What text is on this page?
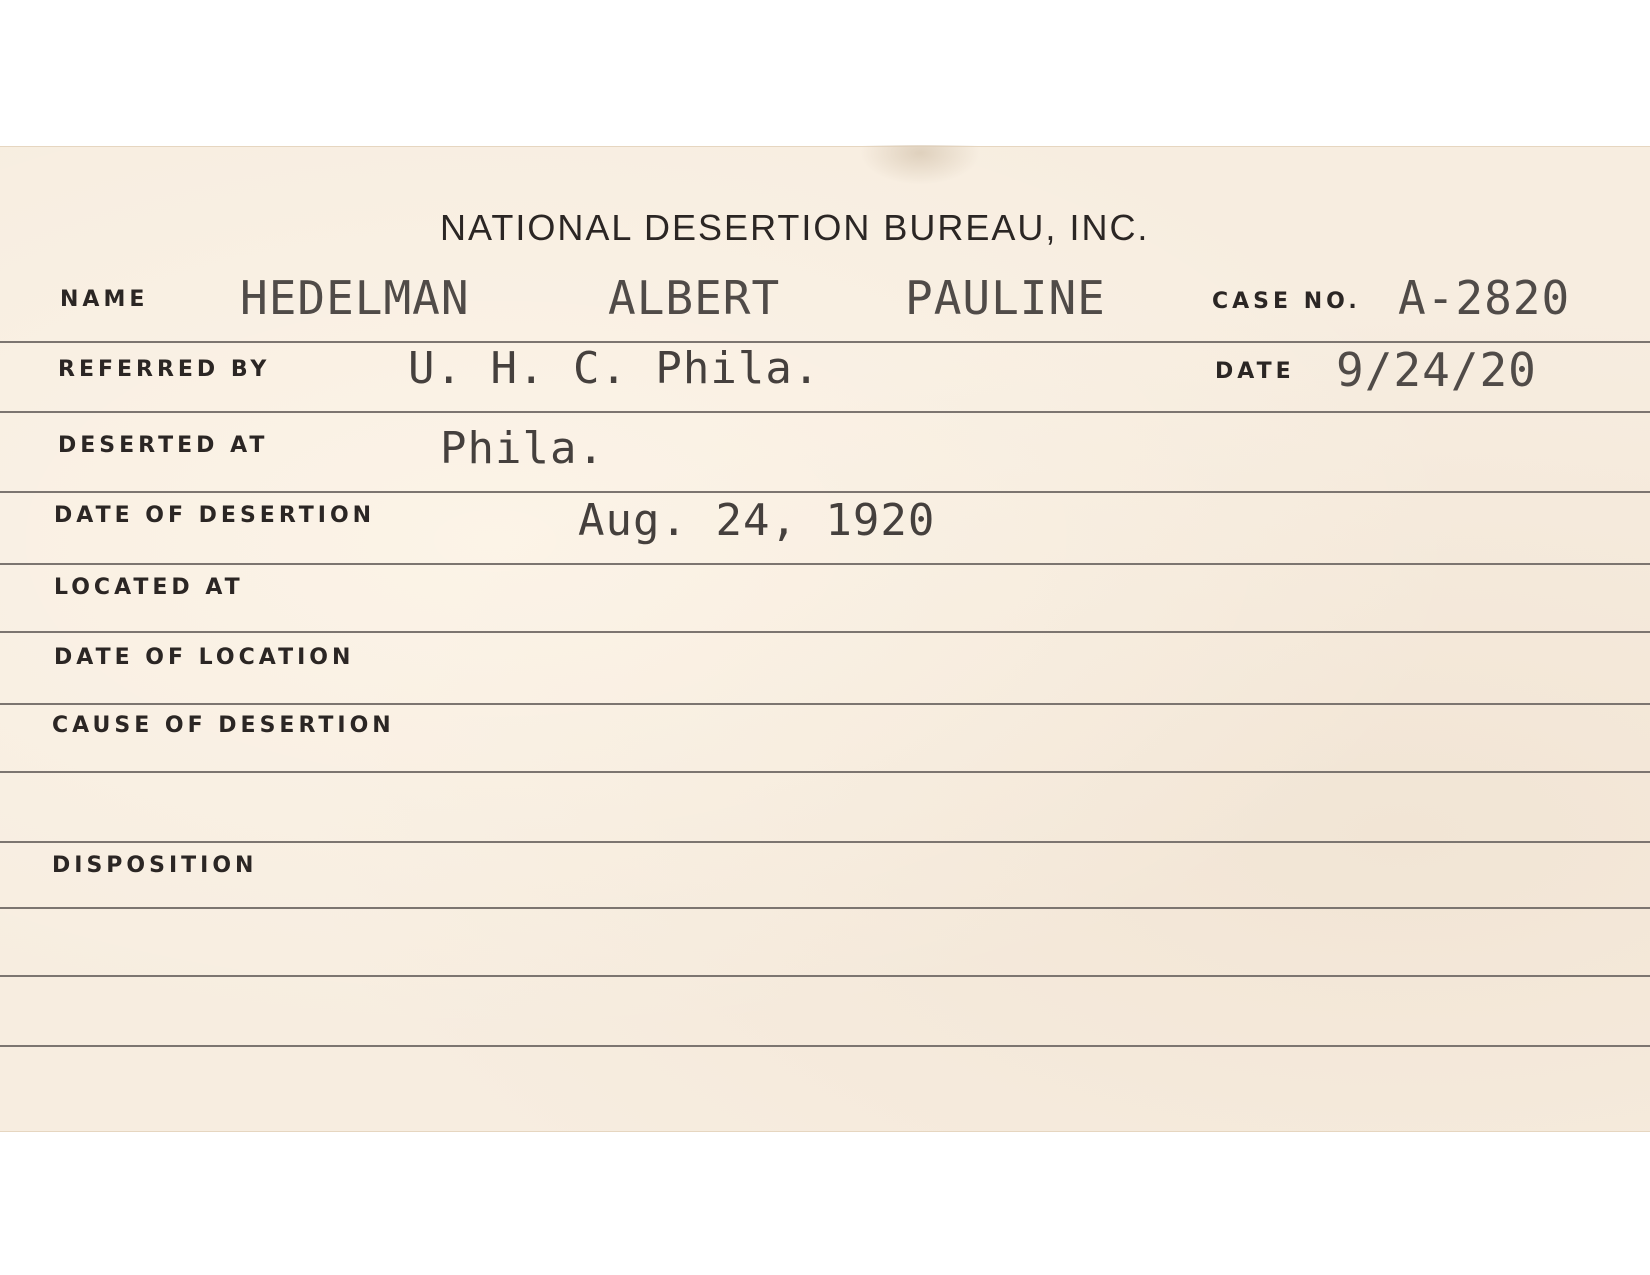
NATIONAL DESERTION BUREAU, INC.
NAME HEDELMAN	ALBERT	PAULINE	CASE NO. A-2820
REFERRED BY	U. H. C. Phila.	DATE 9/24/20
DESERTED AT	Phila.
DATE OF DESERTION	Aug. 24, 1920
LOCATED AT
DATE OF LOCATION
CAUSE OF DESERTION
DISPOSITION
